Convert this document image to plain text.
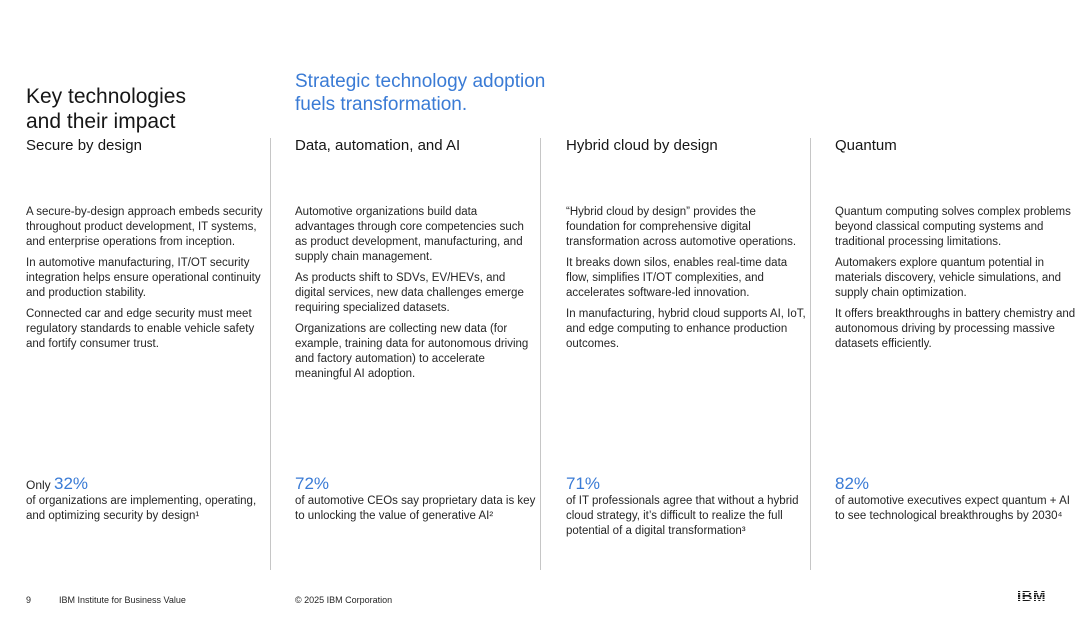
Key technologies
and their impact
Strategic technology adoption
fuels transformation.
Secure by design

A secure-by-design approach embeds security throughout product development, IT systems, and enterprise operations from inception.

In automotive manufacturing, IT/OT security integration helps ensure operational continuity and production stability.

Connected car and edge security must meet regulatory standards to enable vehicle safety and fortify consumer trust.

Only 32%
of organizations are implementing, operating, and optimizing security by design¹
Data, automation, and AI

Automotive organizations build data advantages through core competencies such as product development, manufacturing, and supply chain management.

As products shift to SDVs, EV/HEVs, and digital services, new data challenges emerge requiring specialized datasets.

Organizations are collecting new data (for example, training data for autonomous driving and factory automation) to accelerate meaningful AI adoption.

72%
of automotive CEOs say proprietary data is key to unlocking the value of generative AI²
Hybrid cloud by design

“Hybrid cloud by design” provides the foundation for comprehensive digital transformation across automotive operations.

It breaks down silos, enables real-time data flow, simplifies IT/OT complexities, and accelerates software-led innovation.

In manufacturing, hybrid cloud supports AI, IoT, and edge computing to enhance production outcomes.

71%
of IT professionals agree that without a hybrid cloud strategy, it’s difficult to realize the full potential of a digital transformation³
Quantum

Quantum computing solves complex problems beyond classical computing systems and traditional processing limitations.

Automakers explore quantum potential in materials discovery, vehicle simulations, and supply chain optimization.

It offers breakthroughs in battery chemistry and autonomous driving by processing massive datasets efficiently.

82%
of automotive executives expect quantum + AI to see technological breakthroughs by 2030⁴
9	IBM Institute for Business Value	© 2025 IBM Corporation	IBM
